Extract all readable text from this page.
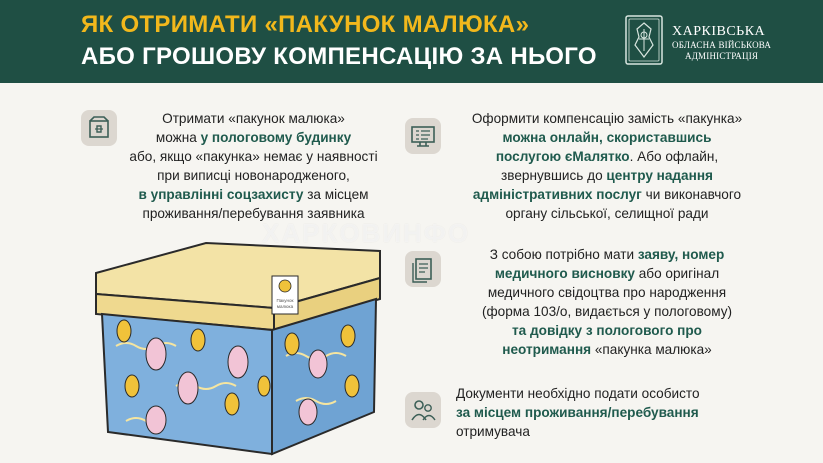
ЯК ОТРИМАТИ «ПАКУНОК МАЛЮКА»
АБО ГРОШОВУ КОМПЕНСАЦІЮ ЗА НЬОГО
ХАРКІВСЬКА
ОБЛАСНА ВІЙСЬКОВА
АДМІНІСТРАЦІЯ
Отримати «пакунок малюка»
можна у пологовому будинку
або, якщо «пакунка» немає у наявності
при виписці новонародженого,
в управлінні соцзахисту за місцем
проживання/перебування заявника
Пакунок
малюка
ХАРКОВИНФО
Оформити компенсацію замість «пакунка»
можна онлайн, скориставшись
послугою єМалятко. Або офлайн,
звернувшись до центру надання
адміністративних послуг чи виконавчого
органу сільської, селищної ради
З собою потрібно мати заяву, номер
медичного висновку або оригінал
медичного свідоцтва про народження
(форма 103/о, видається у пологовому)
та довідку з пологового про
неотримання «пакунка малюка»
Документи необхідно подати особисто
за місцем проживання/перебування
отримувача
